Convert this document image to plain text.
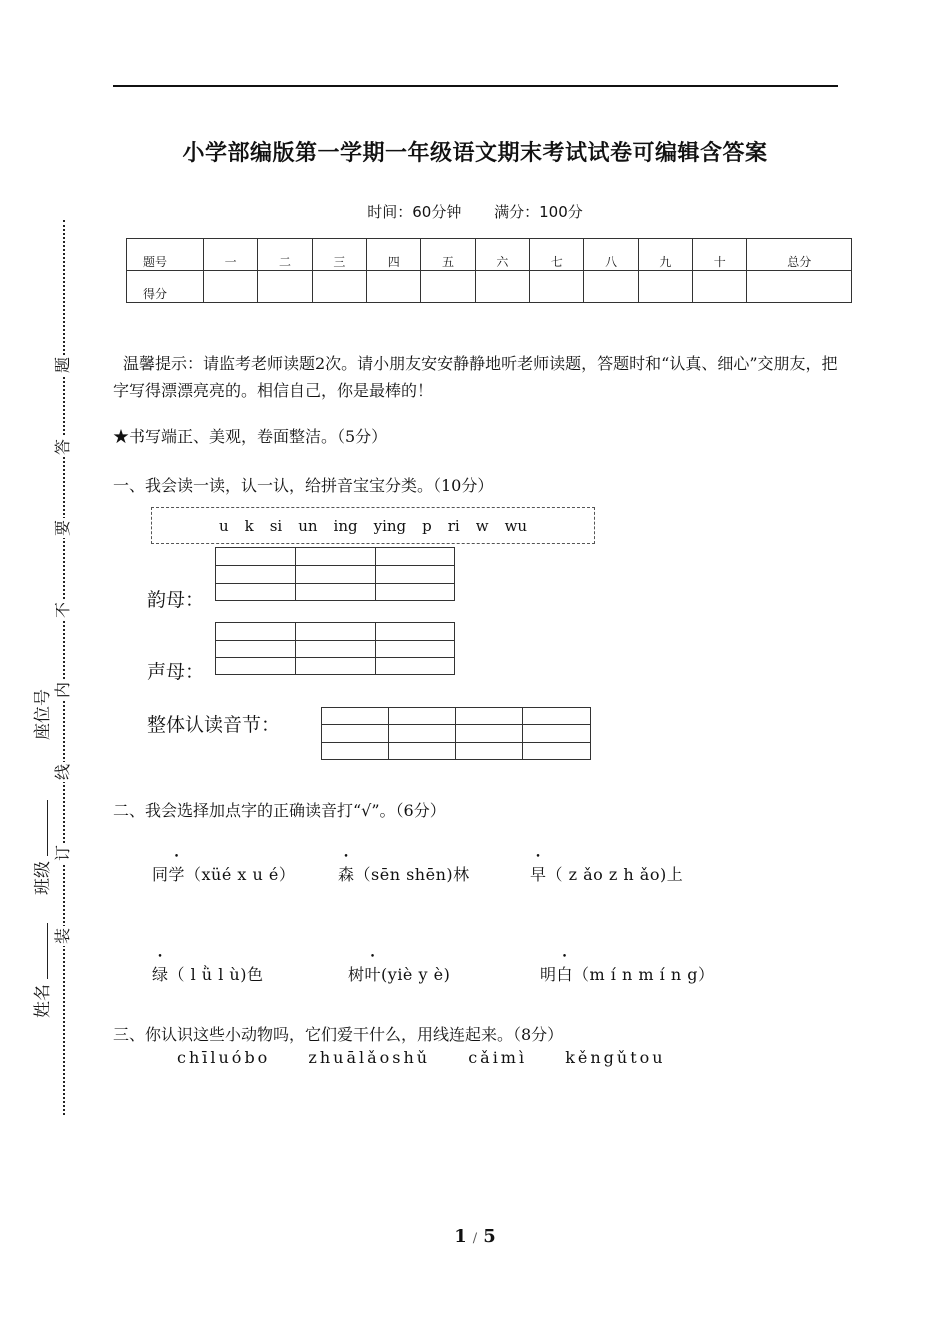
小学部编版第一学期一年级语文期末考试试卷可编辑含答案
时间：60分钟 满分：100分
题号	一	二	三	四	五	六	七	八	九	十	总分
得分											
温馨提示：请监考老师读题2次。请小朋友安安静静地听老师读题，答题时和“认真、细心”交朋友，把字写得漂漂亮亮的。相信自己，你是最棒的！
★书写端正、美观，卷面整洁。（5分）
一、我会读一读，认一认，给拼音宝宝分类。（10分）
u k si un ing ying p ri w wu

韵母：

声母：
整体认读音节：

二、我会选择加点字的正确读音打“√”。（6分）
同学（xüé x u é）	森（sēn shēn)林	早（ z ǎo z h ǎo)上
绿（ l ǜ l ù)色	树叶(yiè y è)	明白（m í n m í n g）
三、你认识这些小动物吗，它们爱干什么，用线连起来。（8分）
chīluóbo zhuālǎoshǔ cǎimì kěngǔtou
装
订
线
内
不
要
答
题
座位号
班级
姓名
1 / 5
